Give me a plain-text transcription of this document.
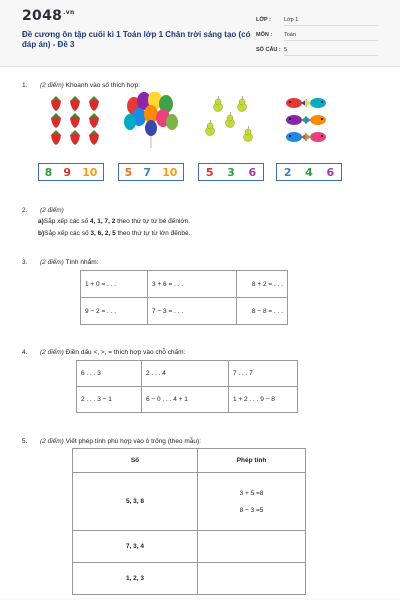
$2048^{.vn}$
Đề cương ôn tập cuối kì 1 Toán lớp 1 Chân trời sáng tạo (có đáp án) - Đề 3
LỚP :	Lớp 1
MÔN :	Toán
SỐ CÂU : 5
1. (2 điểm) Khoanh vào số thích hợp:
8 9 10 5 7 10	5 3 6	2 4 6
2. (2 điểm)
a)Sắp xếp các số 4, 1, 7, 2 theo thứ tự từ bé đếnlớn.
b)Sắp xếp các số 3, 6, 2, 5 theo thứ tự từ lớn đếnbé.
3. (2 điểm) Tính nhẩm:
1 + 0 = . . .	3 + 6 = . . .	8 + 2 = . . .
9 − 2 = . . .	7 − 3 = . . .	8 − 8 = . . .
4. (2 điểm) Điền dấu <, >, = thích hợp vào chỗ chấm:
6 . . . 3	2 . . . 4	7 . . . 7
2 . . . 3 − 1	6 − 0 . . . 4 + 1	1 + 2 . . . 9 − 8
5. (2 điểm) Viết phép tính phù hợp vào ô trống (theo mẫu):
Số	Phép tính
5, 3, 8	3 + 5 =8
8 − 3 =5

7, 3, 4	
1, 2, 3	
